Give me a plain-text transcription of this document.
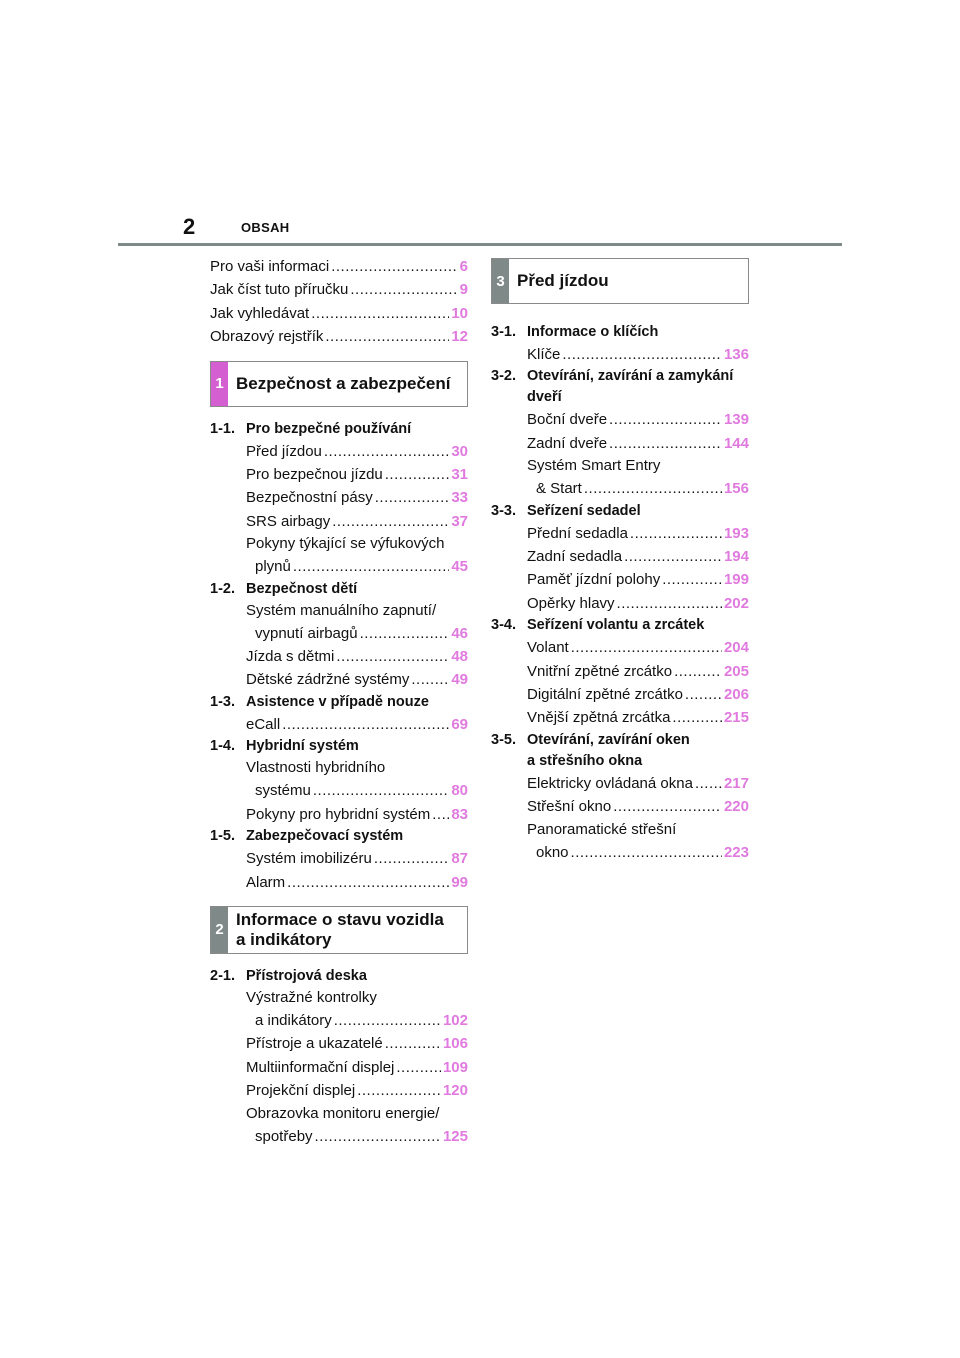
2	OBSAH
Pro vaši informaci .....	6
Jak číst tuto příručku .....	9
Jak vyhledávat .....	10
Obrazový rejstřík .....	12
1 Bezpečnost a zabezpečení
1-1. Pro bezpečné používání
Před jízdou .....	30
Pro bezpečnou jízdu .....	31
Bezpečnostní pásy .....	33
SRS airbagy .....	37
Pokyny týkající se výfukových
plynů .....	45
1-2. Bezpečnost dětí
Systém manuálního zapnutí/
vypnutí airbagů .....	46
Jízda s dětmi .....	48
Dětské zádržné systémy .....	49
1-3. Asistence v případě nouze
eCall .....	69
1-4. Hybridní systém
Vlastnosti hybridního
systému .....	80
Pokyny pro hybridní systém ..... 83
1-5. Zabezpečovací systém
Systém imobilizéru .....	87
Alarm .....	99
2
Informace o stavu vozidla
a indikátory
2-1. Přístrojová deska
Výstražné kontrolky
a indikátory .....	102
Přístroje a ukazatelé .....	106
Multiinformační displej .....	109
Projekční displej .....	120
Obrazovka monitoru energie/
spotřeby .....	125
3 Před jízdou
3-1. Informace o klíčích
Klíče .....	136
3-2. Otevírání, zavírání a zamykání
dveří
Boční dveře .....	139
Zadní dveře .....	144
Systém Smart Entry
& Start .....	156
3-3. Seřízení sedadel
Přední sedadla .....	193
Zadní sedadla .....	194
Paměť jízdní polohy .....	199
Opěrky hlavy .....	202
3-4. Seřízení volantu a zrcátek
Volant .....	204
Vnitřní zpětné zrcátko .....	205
Digitální zpětné zrcátko .....	206
Vnější zpětná zrcátka .....	215
3-5. Otevírání, zavírání oken
a střešního okna
Elektricky ovládaná okna ..... 217
Střešní okno .....	220
Panoramatické střešní
okno .....	223
